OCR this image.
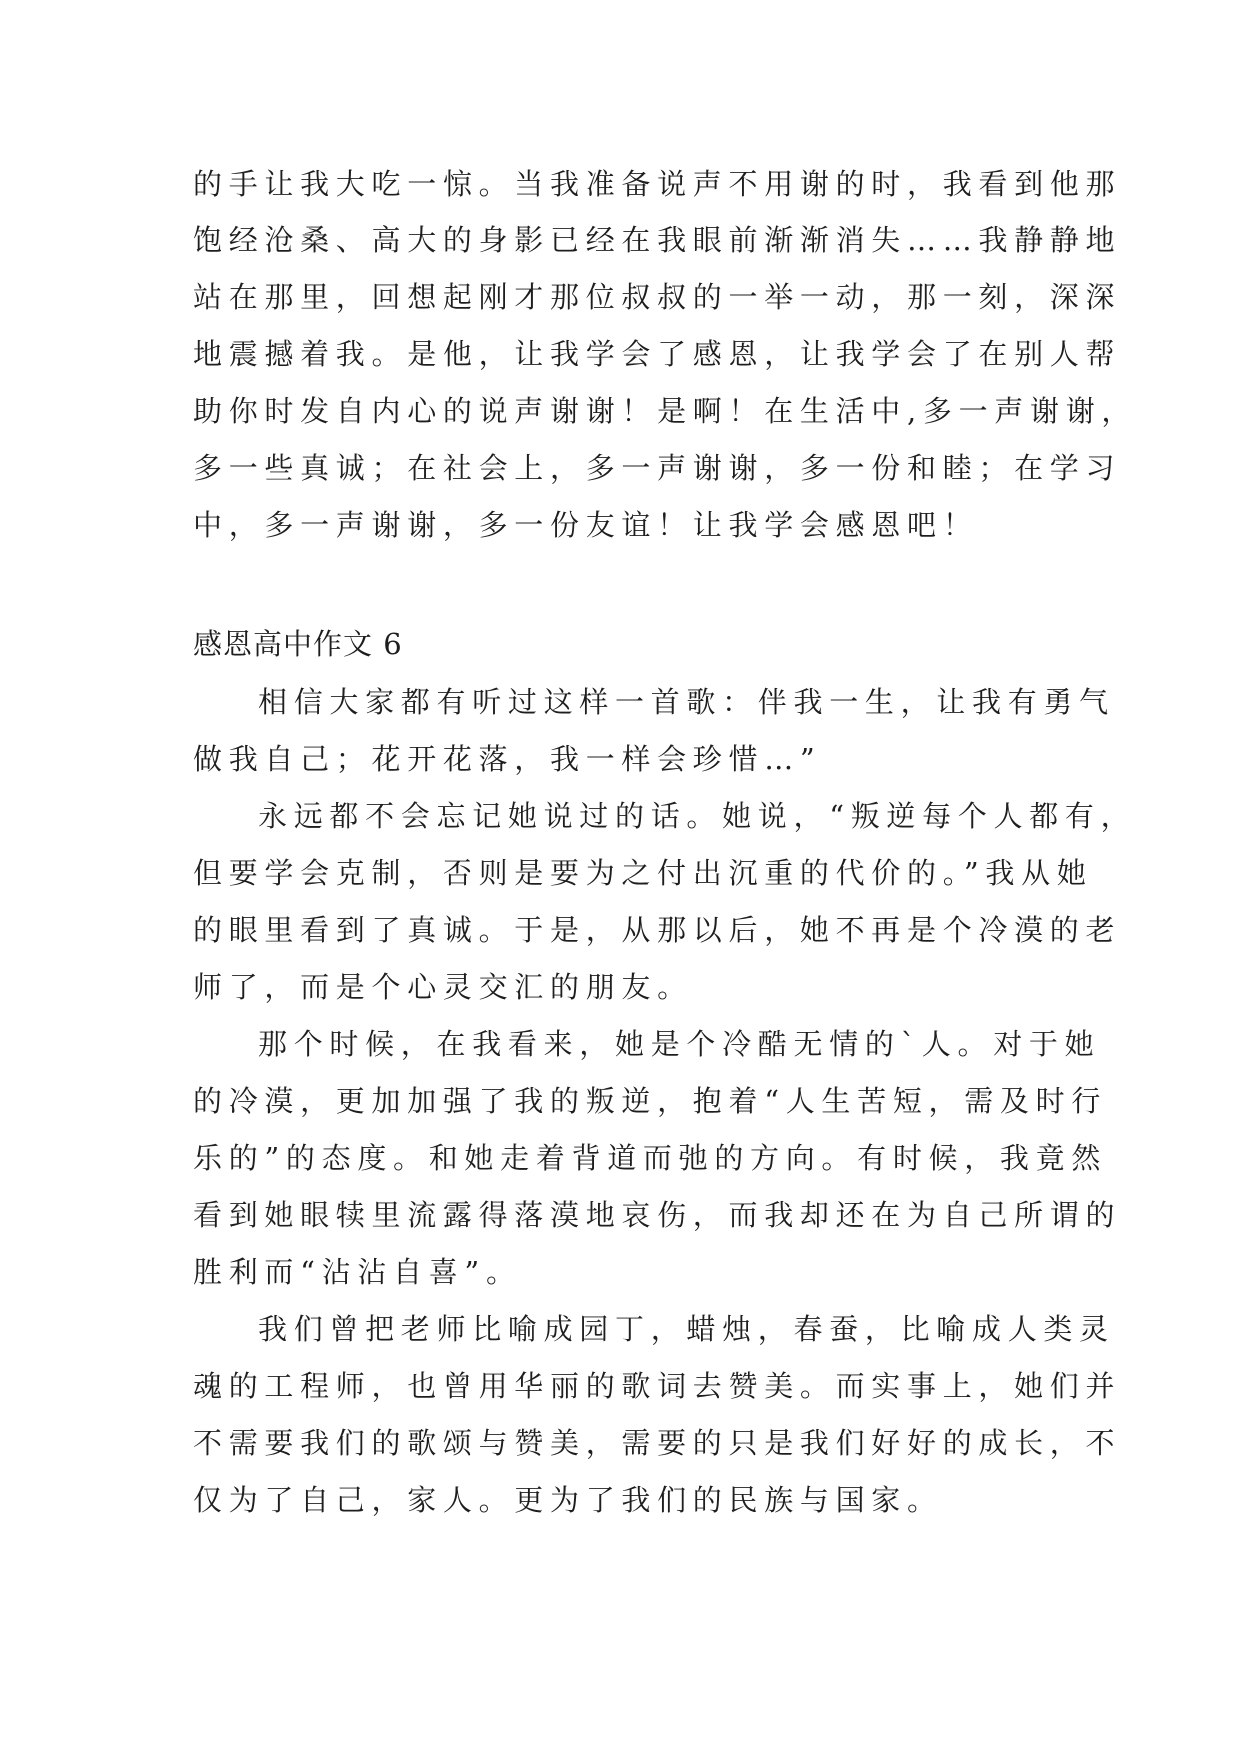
的手让我大吃一惊。当我准备说声不用谢的时，我看到他那
饱经沧桑、高大的身影已经在我眼前渐渐消失……我静静地
站在那里，回想起刚才那位叔叔的一举一动，那一刻，深深
地震撼着我。是他，让我学会了感恩，让我学会了在别人帮
助你时发自内心的说声谢谢！是啊！在生活中,多一声谢谢，
多一些真诚；在社会上，多一声谢谢，多一份和睦；在学习
中，多一声谢谢，多一份友谊！让我学会感恩吧！
感恩高中作文 6
相信大家都有听过这样一首歌：伴我一生，让我有勇气
做我自己；花开花落，我一样会珍惜…”
永远都不会忘记她说过的话。她说，“叛逆每个人都有，
但要学会克制，否则是要为之付出沉重的代价的。”我从她
的眼里看到了真诚。于是，从那以后，她不再是个冷漠的老
师了，而是个心灵交汇的朋友。
那个时候，在我看来，她是个冷酷无情的`人。对于她
的冷漠，更加加强了我的叛逆，抱着“人生苦短，需及时行
乐的”的态度。和她走着背道而弛的方向。有时候，我竟然
看到她眼犊里流露得落漠地哀伤，而我却还在为自己所谓的
胜利而“沾沾自喜”。
我们曾把老师比喻成园丁，蜡烛，春蚕，比喻成人类灵
魂的工程师，也曾用华丽的歌词去赞美。而实事上，她们并
不需要我们的歌颂与赞美，需要的只是我们好好的成长，不
仅为了自己，家人。更为了我们的民族与国家。
